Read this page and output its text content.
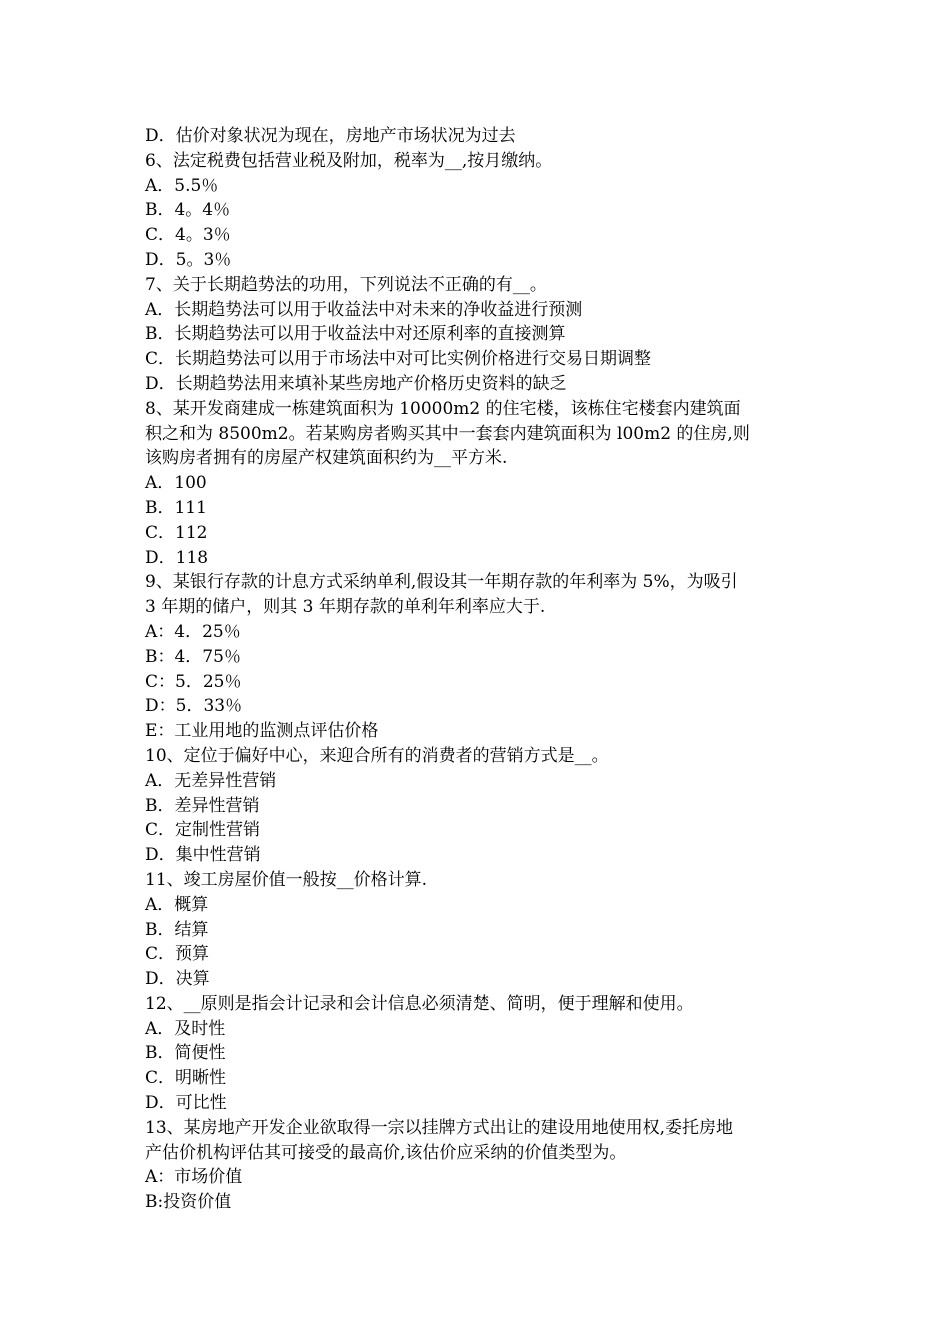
D．估价对象状况为现在，房地产市场状况为过去
6、法定税费包括营业税及附加，税率为__,按月缴纳。
A．5.5％
B．4。4％
C．4。3％
D．5。3％
7、关于长期趋势法的功用，下列说法不正确的有__。
A．长期趋势法可以用于收益法中对未来的净收益进行预测
B．长期趋势法可以用于收益法中对还原利率的直接测算
C．长期趋势法可以用于市场法中对可比实例价格进行交易日期调整
D．长期趋势法用来填补某些房地产价格历史资料的缺乏
8、某开发商建成一栋建筑面积为 10000m2 的住宅楼，该栋住宅楼套内建筑面
积之和为 8500m2。若某购房者购买其中一套套内建筑面积为 l00m2 的住房,则
该购房者拥有的房屋产权建筑面积约为__平方米.
A．100
B．111
C．112
D．118
9、某银行存款的计息方式采纳单利,假设其一年期存款的年利率为 5%，为吸引
3 年期的储户，则其 3 年期存款的单利年利率应大于.
A：4．25％
B：4．75％
C：5．25％
D：5．33％
E：工业用地的监测点评估价格
10、定位于偏好中心，来迎合所有的消费者的营销方式是__。
A．无差异性营销
B．差异性营销
C．定制性营销
D．集中性营销
11、竣工房屋价值一般按__价格计算.
A．概算
B．结算
C．预算
D．决算
12、__原则是指会计记录和会计信息必须清楚、简明，便于理解和使用。
A．及时性
B．简便性
C．明晰性
D．可比性
13、某房地产开发企业欲取得一宗以挂牌方式出让的建设用地使用权,委托房地
产估价机构评估其可接受的最高价,该估价应采纳的价值类型为。
A：市场价值
B:投资价值
